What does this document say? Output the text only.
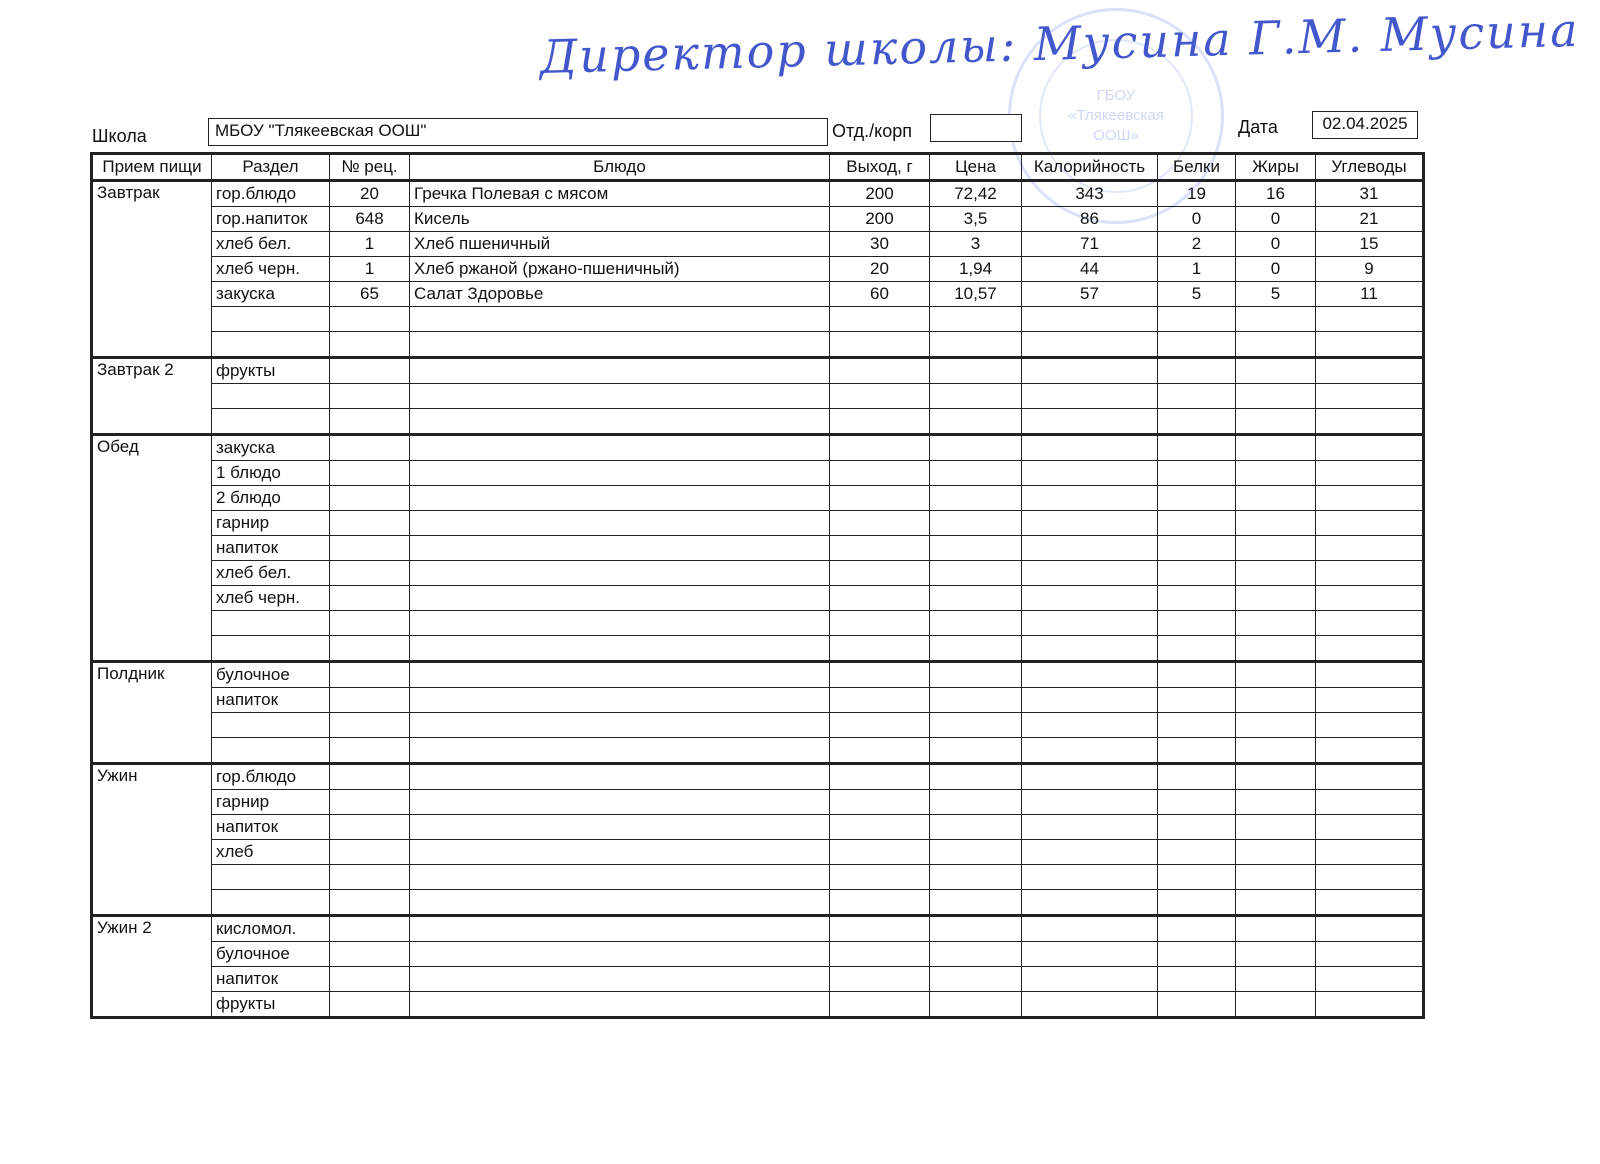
Директор школы: Мусина Г.М. Мусина
ГБОУ
«Тлякеевская
ООШ»
Школа	МБОУ "Тлякеевская ООШ"	Отд./корп	Дата	02.04.2025
Прием пищи	Раздел	№ рец.	Блюдо	Выход, г	Цена	Калорийность	Белки	Жиры	Углеводы
Завтрак	гор.блюдо	20	Гречка Полевая с мясом	200	72,42	343	19	16	31
	гор.напиток	648	Кисель	200	3,5	86	0	0	21
	хлеб бел.	1	Хлеб пшеничный	30	3	71	2	0	15
	хлеб черн.	1	Хлеб ржаной (ржано-пшеничный)	20	1,94	44	1	0	9
	закуска	65	Салат Здоровье	60	10,57	57	5	5	11

Завтрак 2	фрукты								

Обед	закуска								
	1 блюдо								
	2 блюдо								
	гарнир								
	напиток								
	хлеб бел.								
	хлеб черн.								

Полдник	булочное								
	напиток								

Ужин	гор.блюдо								
	гарнир								
	напиток								
	хлеб								

Ужин 2	кисломол.								
	булочное								
	напиток								
	фрукты								
